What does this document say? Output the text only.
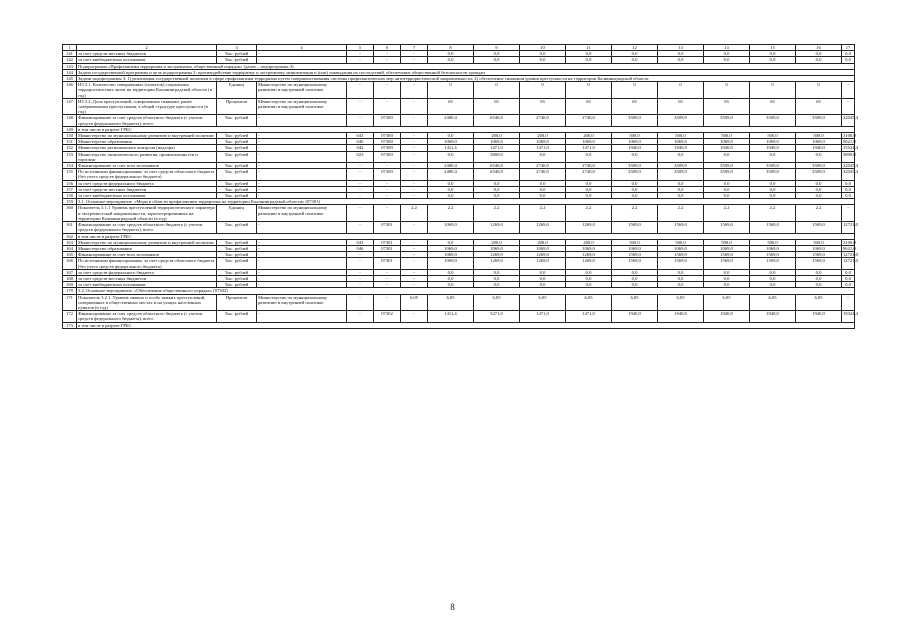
1	2	3	4	5	6	7	8	9	10	11	12	13	14	15	16	17
141	за счет средств местных бюджетов	Тыс. рублей	-	-	-	-	0,0	0,0	0,0	0,0	0,0	0,0	0,0	0,0	0,0	0,0
142	за счет внебюджетных источников	Тыс. рублей	-	-	-	-	0,0	0,0	0,0	0,0	0,0	0,0	0,0	0,0	0,0	0,0
143	Подпрограмма «Профилактика терроризма и экстремизма, общественный порядок» (далее – подпрограмма 3)															
144	Задача государственной программы и цель подпрограммы 3: противодействие терроризму и экстремизму, минимизация и (или) ликвидация их последствий, обеспечение общественной безопасности граждан															
145	Задачи подпрограммы 3: 1) реализация государственной политики в сфере профилактики терроризма путем совершенствования системы профилактических мер антитеррористической направленности; 2) обеспечение снижения уровня преступности на территории Калининградской области															
146	ИЗ 3.1. Количество совершенных (попыток) социальных террористических актов на территории Калининградской области (в год)	Единиц	Министерство по муниципальному развитию и внутренней политике	-	-	-	0	0	0	0	0	0	0	0	0	-
147	ИЗ 3.2. Доля преступлений, совершенных пьяными, ранее совершавшими преступления, в общей структуре преступности (в год)	Процентов	Министерство по муниципальному развитию и внутренней политике	-	-	-	65	65	65	65	65	65	65	65	65	-
148	Финансирование за счет средств областного бюджета (с учетом средств федерального бюджета), всего	Тыс. рублей	-	-	07300	-	2480,4	6540,0	2740,0	2740,0	3509,0	3509,0	3509,0	3509,0	3509,0	32045,4
149	в том числе в разрезе ГРБС															
150	Министерство по муниципальному развитию и внутренней политике	Тыс. рублей	-	043	07300	-	0,0	200,0	200,0	200,0	500,0	500,0	500,0	500,0	500,0	3100,0
151	Министерство образования	Тыс. рублей	-	046	07300	-	1069,0	1069,0	1069,0	1069,0	1069,0	1069,0	1069,0	1069,0	1069,0	9621,0
152	Министерство регионального контроля (надзора)	Тыс. рублей	-	042	07300	-	1411,4	1471,0	1471,0	1471,0	1940,0	1940,0	1940,0	1940,0	1940,0	15524,4
153	Министерство экономического развития, промышленности и торговли	Тыс. рублей	-	023	07300	-	0,0	3800,0	0,0	0,0	0,0	0,0	0,0	0,0	0,0	3800,0
154	Финансирование за счет всех источников	Тыс. рублей	-	-	-	-	2480,4	6540,0	2740,0	2740,0	3509,0	3509,0	3509,0	3509,0	3509,0	32045,4
155	По источникам финансирования: за счет средств областного бюджета (без учета средств федерального бюджета)	Тыс. рублей	-	-	07300	-	2480,4	6540,0	2740,0	2740,0	3509,0	3509,0	3509,0	3509,0	3509,0	32045,4
156	за счет средств федерального бюджета	Тыс. рублей	-	-	-	-	0,0	0,0	0,0	0,0	0,0	0,0	0,0	0,0	0,0	0,0
157	за счет средств местных бюджетов	Тыс. рублей	-	-	-	-	0,0	0,0	0,0	0,0	0,0	0,0	0,0	0,0	0,0	0,0
158	за счет внебюджетных источников	Тыс. рублей	-	-	-	-	0,0	0,0	0,0	0,0	0,0	0,0	0,0	0,0	0,0	0,0
159	3.1. Основное мероприятие: «Меры в области профилактики терроризма на территории Калининградской области» (07301)															
160	Показатель 3.1.1 Уровень преступлений террористического характера и экстремистской направленности, зарегистрированных на территории Калининградской области (в год)	Единиц	Министерство по муниципальному развитию и внутренней политике	-	-	2,2	2,2	2,2	2,2	2,2	2,2	2,2	2,2	2,2	2,2	-
161	Финансирование за счет средств областного бюджета (с учетом средств федерального бюджета), всего	Тыс. рублей	-	-	07301	-	1069,0	1269,0	1269,0	1269,0	1569,0	1569,0	1569,0	1569,0	1569,0	12721,0
162	в том числе в разрезе ГРБС															
163	Министерство по муниципальному развитию и внутренней политике	Тыс. рублей	-	043	07301	-	0,0	200,0	200,0	200,0	500,0	500,0	500,0	500,0	500,0	3100,0
164	Министерство образования	Тыс. рублей	-	046	07301	-	1069,0	1069,0	1069,0	1069,0	1069,0	1069,0	1069,0	1069,0	1069,0	9621,0
165	Финансирование за счет всех источников	Тыс. рублей	-	-	-	-	1069,0	1269,0	1269,0	1269,0	1569,0	1569,0	1569,0	1569,0	1569,0	12721,0
166	По источникам финансирования: за счет средств областного бюджета (без учета средств федерального бюджета)	Тыс. рублей	-	-	07301	-	1069,0	1269,0	1269,0	1269,0	1569,0	1569,0	1569,0	1569,0	1569,0	12721,0
167	за счет средств федерального бюджета	Тыс. рублей	-	-	-	-	0,0	0,0	0,0	0,0	0,0	0,0	0,0	0,0	0,0	0,0
168	за счет средств местных бюджетов	Тыс. рублей	-	-	-	-	0,0	0,0	0,0	0,0	0,0	0,0	0,0	0,0	0,0	0,0
169	за счет внебюджетных источников	Тыс. рублей	-	-	-	-	0,0	0,0	0,0	0,0	0,0	0,0	0,0	0,0	0,0	0,0
170	3.2. Основное мероприятие: «Обеспечение общественного порядка» (07302)															
171	Показатель 3.2.1. Уровень тяжких и особо тяжких преступлений, совершенных в общественных местах и на улицах населенных пунктов (в год)	Процентов	Министерство по муниципальному развитию и внутренней политике	-	-	6,05	6,05	6,05	6,05	6,05	6,05	6,05	6,05	6,05	6,05	-
172	Финансирование за счет средств областного бюджета (с учетом средств федерального бюджета), всего	Тыс. рублей	-	-	07302	-	1411,4	5271,0	1471,0	1471,0	1940,0	1940,0	1940,0	1940,0	1940,0	19324,4
173	в том числе в разрезе ГРБС															
8
